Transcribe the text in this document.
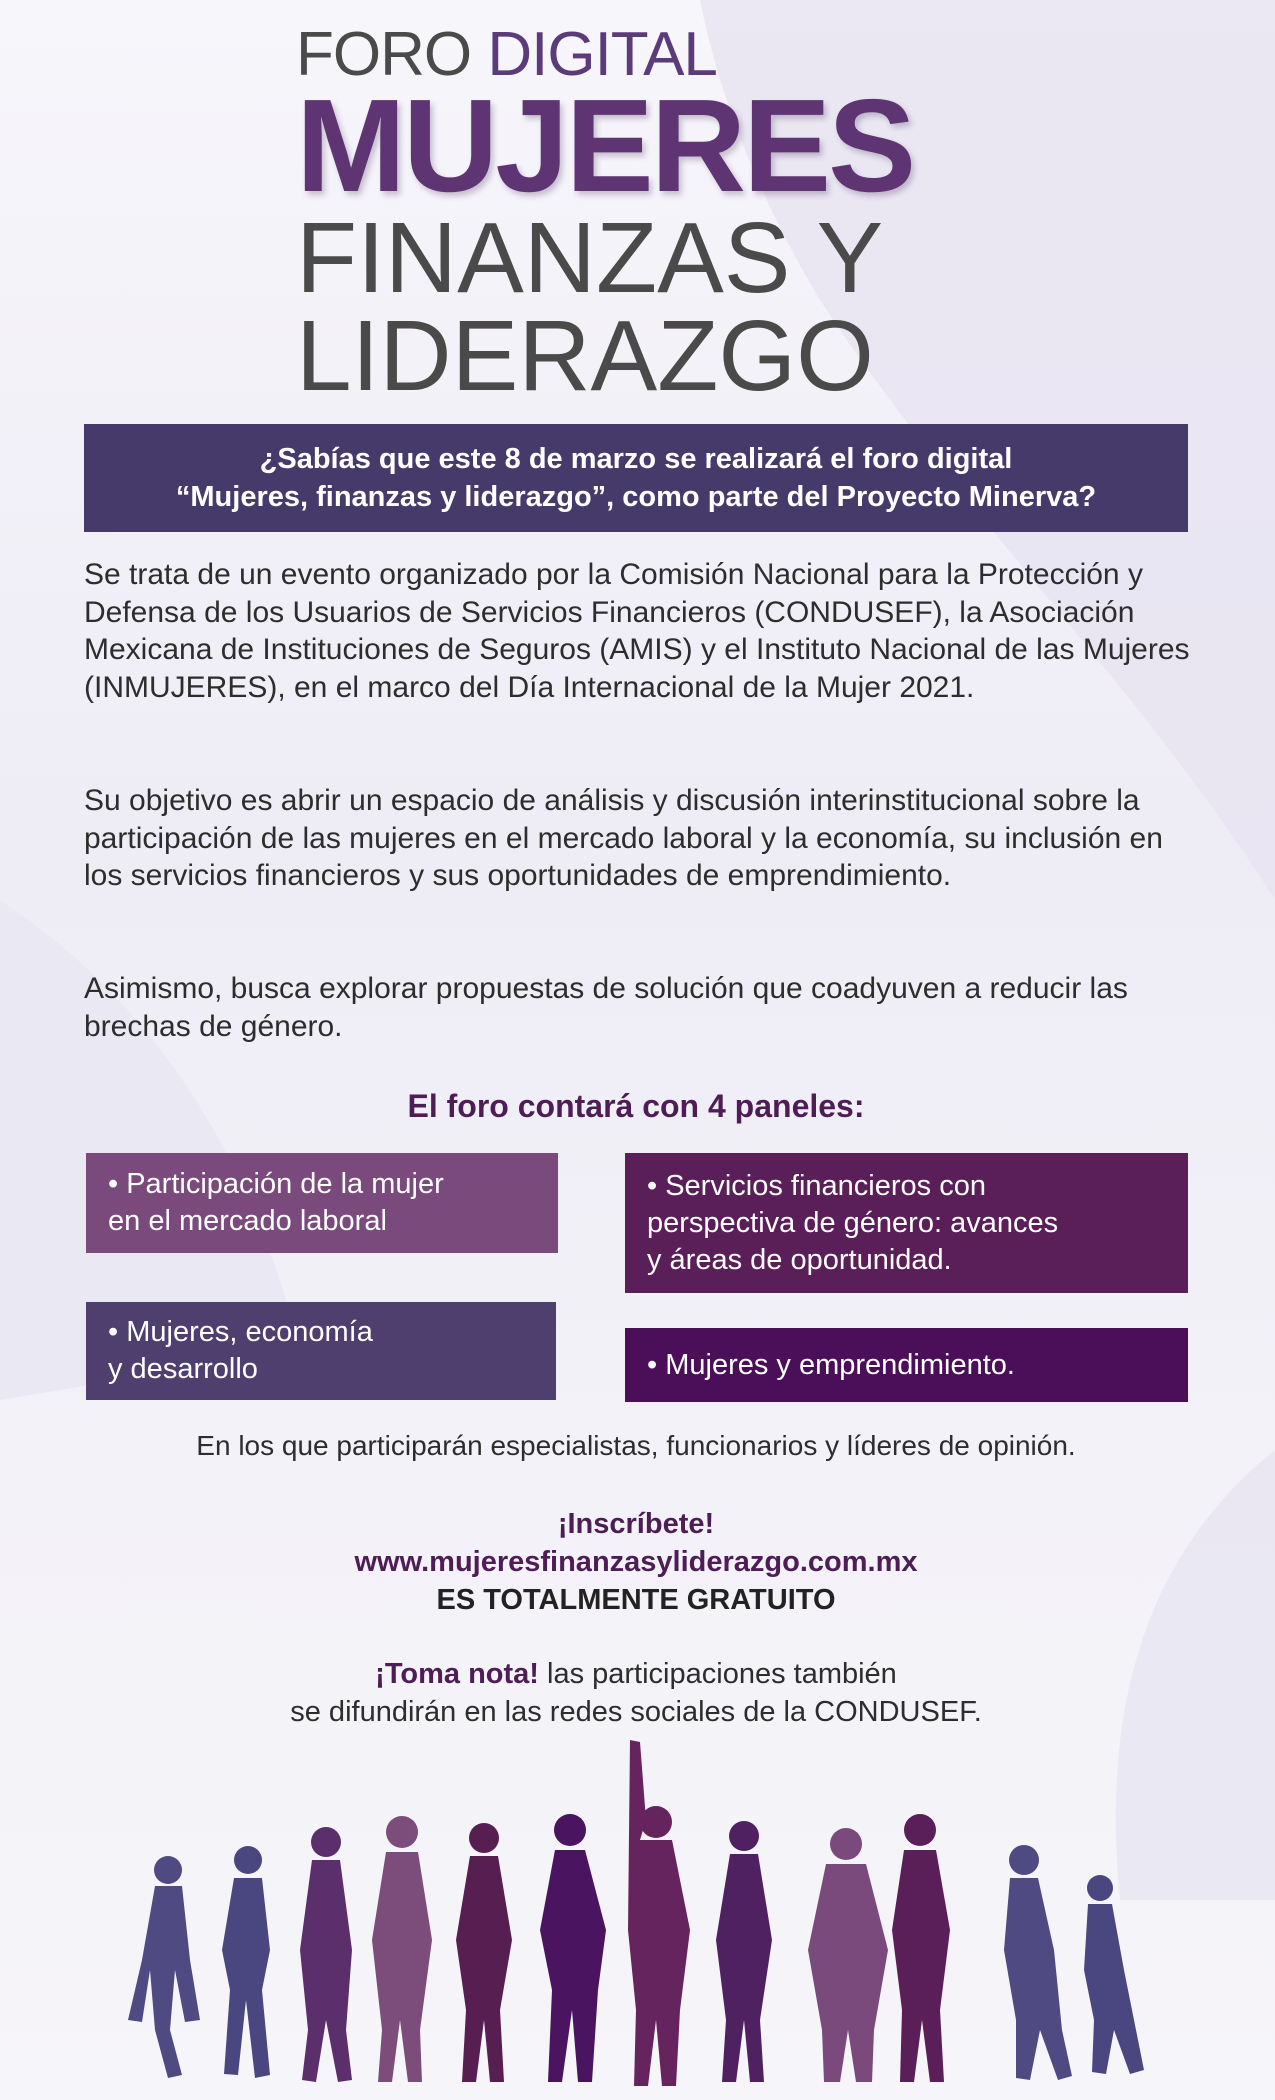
FORO DIGITAL
MUJERES
FINANZAS Y
LIDERAZGO
¿Sabías que este 8 de marzo se realizará el foro digital
“Mujeres, finanzas y liderazgo”, como parte del Proyecto Minerva?
Se trata de un evento organizado por la Comisión Nacional para la Protección y Defensa de los Usuarios de Servicios Financieros (CONDUSEF), la Asociación Mexicana de Instituciones de Seguros (AMIS) y el Instituto Nacional de las Mujeres (INMUJERES), en el marco del Día Internacional de la Mujer 2021.
Su objetivo es abrir un espacio de análisis y discusión interinstitucional sobre la participación de las mujeres en el mercado laboral y la economía, su inclusión en los servicios financieros y sus oportunidades de emprendimiento.
Asimismo, busca explorar propuestas de solución que coadyuven a reducir las brechas de género.
El foro contará con 4 paneles:
• Participación de la mujer
en el mercado laboral
• Servicios financieros con
perspectiva de género: avances
y áreas de oportunidad.
• Mujeres, economía
y desarrollo	• Mujeres y emprendimiento.
En los que participarán especialistas, funcionarios y líderes de opinión.
¡Inscríbete!
www.mujeresfinanzasyliderazgo.com.mx
ES TOTALMENTE GRATUITO
¡Toma nota! las participaciones también
se difundirán en las redes sociales de la CONDUSEF.
